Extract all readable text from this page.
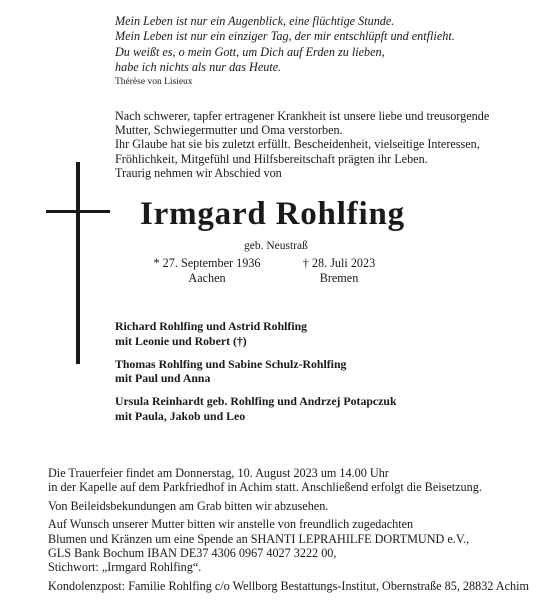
Mein Leben ist nur ein Augenblick, eine flüchtige Stunde.
Mein Leben ist nur ein einziger Tag, der mir entschlüpft und entflieht.
Du weißt es, o mein Gott, um Dich auf Erden zu lieben,
habe ich nichts als nur das Heute.
Thérèse von Lisieux
Nach schwerer, tapfer ertragener Krankheit ist unsere liebe und treusorgende
Mutter, Schwiegermutter und Oma verstorben.
Ihr Glaube hat sie bis zuletzt erfüllt. Bescheidenheit, vielseitige Interessen,
Fröhlichkeit, Mitgefühl und Hilfsbereitschaft prägten ihr Leben.
Traurig nehmen wir Abschied von
Irmgard Rohlfing
geb. Neustraß
* 27. September 1936
Aachen
† 28. Juli 2023
Bremen
Richard Rohlfing und Astrid Rohlfing
mit Leonie und Robert (†)
Thomas Rohlfing und Sabine Schulz-Rohlfing
mit Paul und Anna
Ursula Reinhardt geb. Rohlfing und Andrzej Potapczuk
mit Paula, Jakob und Leo
Die Trauerfeier findet am Donnerstag, 10. August 2023 um 14.00 Uhr
in der Kapelle auf dem Parkfriedhof in Achim statt. Anschließend erfolgt die Beisetzung.
Von Beileidsbekundungen am Grab bitten wir abzusehen.
Auf Wunsch unserer Mutter bitten wir anstelle von freundlich zugedachten
Blumen und Kränzen um eine Spende an SHANTI LEPRAHILFE DORTMUND e.V.,
GLS Bank Bochum IBAN DE37 4306 0967 4027 3222 00,
Stichwort: „Irmgard Rohlfing“.
Kondolenzpost: Familie Rohlfing c/o Wellborg Bestattungs-Institut, Obernstraße 85, 28832 Achim
